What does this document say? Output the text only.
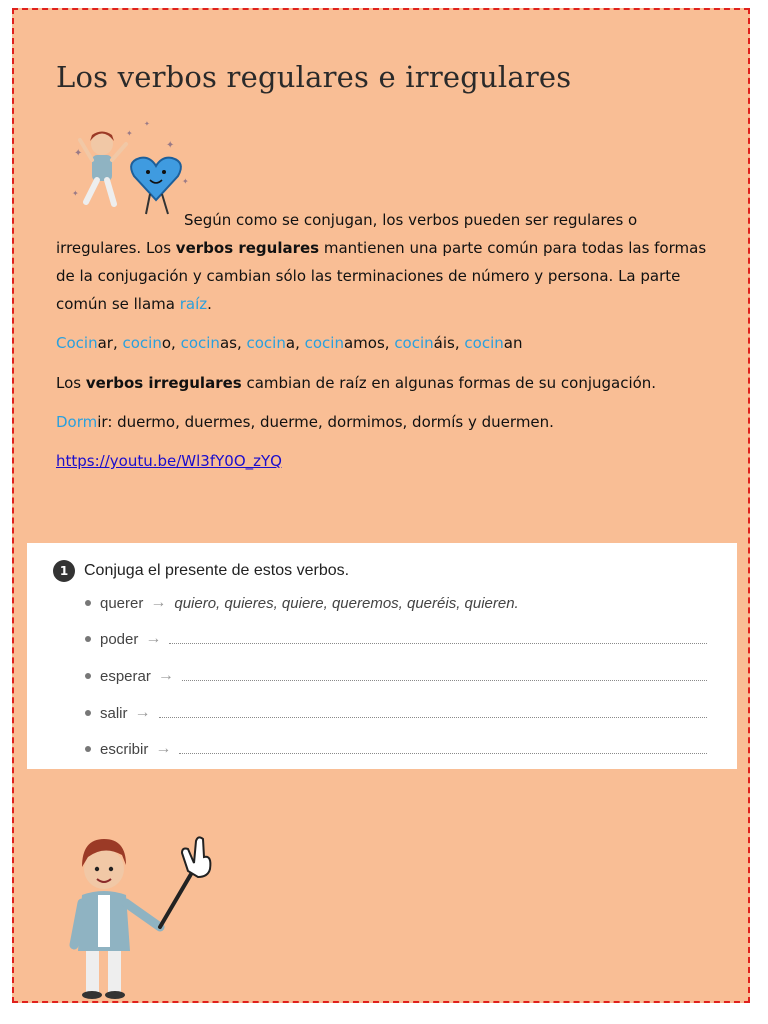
Los verbos regulares e irregulares
✦
✦
✦
✦
✦
✦

Según como se conjugan, los verbos pueden ser regulares o irregulares. Los verbos regulares mantienen una parte común para todas las formas de la conjugación y cambian sólo las terminaciones de número y persona. La parte común se llama raíz.

Cocinar, cocino, cocinas, cocina, cocinamos, cocináis, cocinan

Los verbos irregulares cambian de raíz en algunas formas de su conjugación.

Dormir: duermo, duermes, duerme, dormimos, dormís y duermen.

https://youtu.be/Wl3fY0O_zYQ
1 Conjuga el presente de estos verbos.
querer → quiero, quieres, quiere, queremos, queréis, quieren.
poder →
esperar →
salir →
escribir →
